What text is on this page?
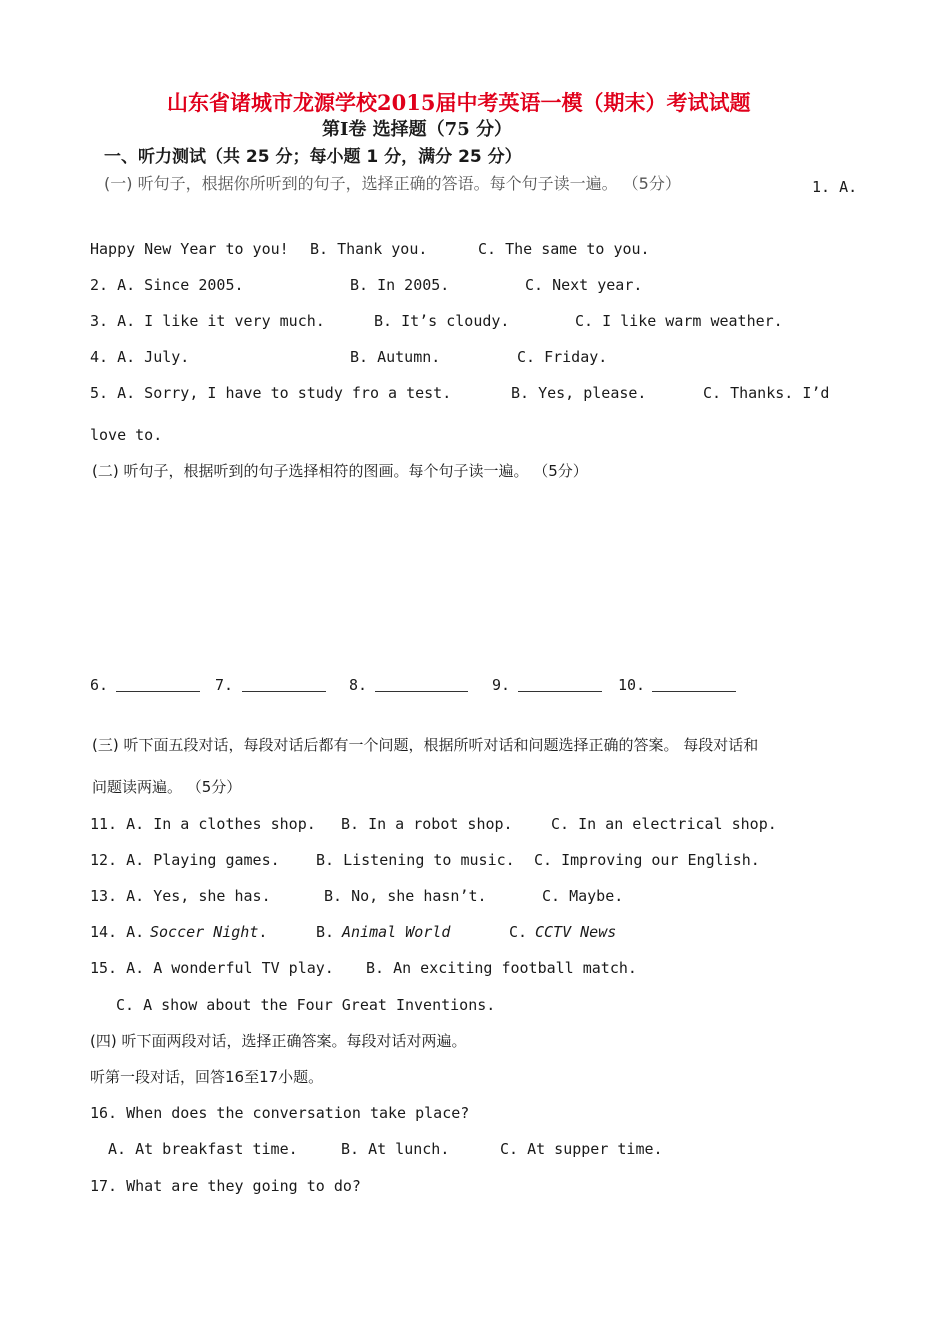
山东省诸城市龙源学校2015届中考英语一模（期末）考试试题
第Ⅰ卷 选择题（75 分）
一、听力测试（共 25 分；每小题 1 分，满分 25 分）
(一) 听句子，根据你所听到的句子，选择正确的答语。每个句子读一遍。 （5分）	1. A.
Happy New Year to you! B. Thank you.	C. The same to you.
2. A. Since 2005.	B. In 2005.	C. Next year.
3. A. I like it very much.	B. It’s cloudy.	C. I like warm weather.
4. A. July.	B. Autumn.	C. Friday.
5. A. Sorry, I have to study fro a test.	B. Yes, please.	C. Thanks. I’d
love to.
(二) 听句子，根据听到的句子选择相符的图画。每个句子读一遍。 （5分）
6.	7.	8.	9.	10.
(三) 听下面五段对话，每段对话后都有一个问题，根据所听对话和问题选择正确的答案。 每段对话和
问题读两遍。 （5分）
11. A. In a clothes shop. B. In a robot shop.	C. In an electrical shop.
12. A. Playing games. B. Listening to music. C. Improving our English.
13. A. Yes, she has.	B. No, she hasn’t.	C. Maybe.
14. A. Soccer Night.	B. Animal World	C. CCTV News
15. A. A wonderful TV play. B. An exciting football match.
C. A show about the Four Great Inventions.
(四) 听下面两段对话，选择正确答案。每段对话对两遍。
听第一段对话，回答16至17小题。
16. When does the conversation take place?
A. At breakfast time.	B. At lunch.	C. At supper time.
17. What are they going to do?
